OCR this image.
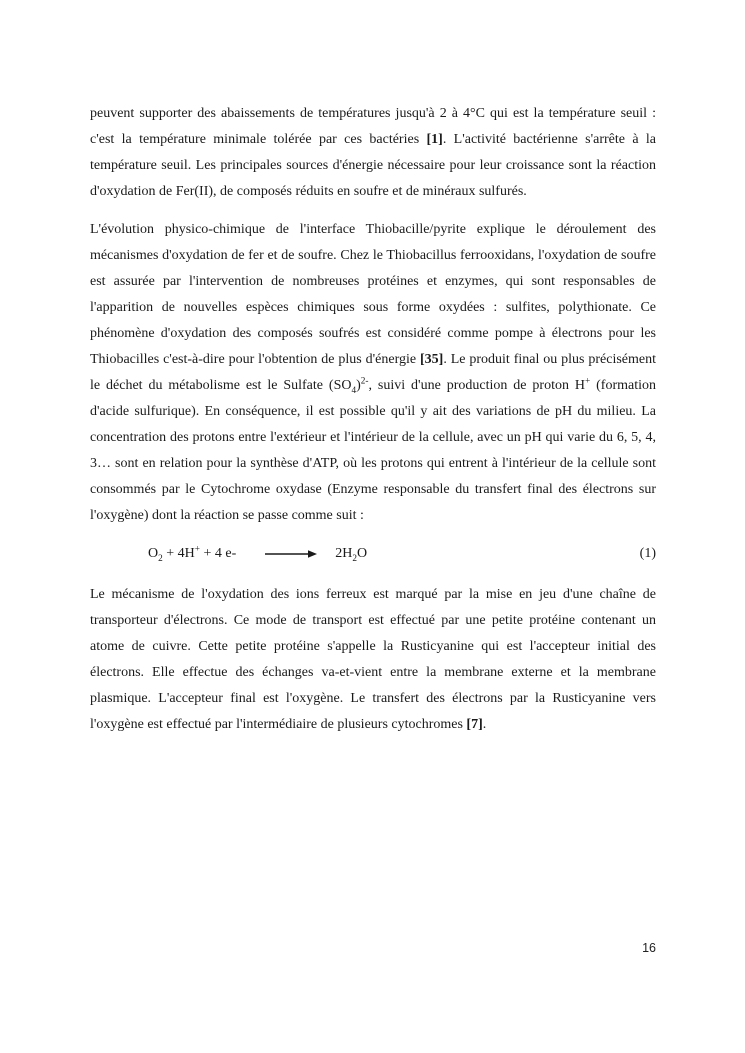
peuvent supporter des abaissements de températures jusqu'à 2 à 4°C qui est la température seuil : c'est la température minimale tolérée par ces bactéries [1]. L'activité bactérienne s'arrête à la température seuil. Les principales sources d'énergie nécessaire pour leur croissance sont la réaction d'oxydation de Fer(II), de composés réduits en soufre et de minéraux sulfurés.

L'évolution physico-chimique de l'interface Thiobacille/pyrite explique le déroulement des mécanismes d'oxydation de fer et de soufre. Chez le Thiobacillus ferrooxidans, l'oxydation de soufre est assurée par l'intervention de nombreuses protéines et enzymes, qui sont responsables de l'apparition de nouvelles espèces chimiques sous forme oxydées : sulfites, polythionate. Ce phénomène d'oxydation des composés soufrés est considéré comme pompe à électrons pour les Thiobacilles c'est-à-dire pour l'obtention de plus d'énergie [35]. Le produit final ou plus précisément le déchet du métabolisme est le Sulfate $(SO_4)^{2-}$, suivi d'une production de proton H+ (formation d'acide sulfurique). En conséquence, il est possible qu'il y ait des variations de pH du milieu. La concentration des protons entre l'extérieur et l'intérieur de la cellule, avec un pH qui varie du 6, 5, 4, 3… sont en relation pour la synthèse d'ATP, où les protons qui entrent à l'intérieur de la cellule sont consommés par le Cytochrome oxydase (Enzyme responsable du transfert final des électrons sur l'oxygène) dont la réaction se passe comme suit :

$O_2 + 4H^+ + 4$ e-	$2H_2O$	(1)

Le mécanisme de l'oxydation des ions ferreux est marqué par la mise en jeu d'une chaîne de transporteur d'électrons. Ce mode de transport est effectué par une petite protéine contenant un atome de cuivre. Cette petite protéine s'appelle la Rusticyanine qui est l'accepteur initial des électrons. Elle effectue des échanges va-et-vient entre la membrane externe et la membrane plasmique. L'accepteur final est l'oxygène. Le transfert des électrons par la Rusticyanine vers l'oxygène est effectué par l'intermédiaire de plusieurs cytochromes [7].

16
